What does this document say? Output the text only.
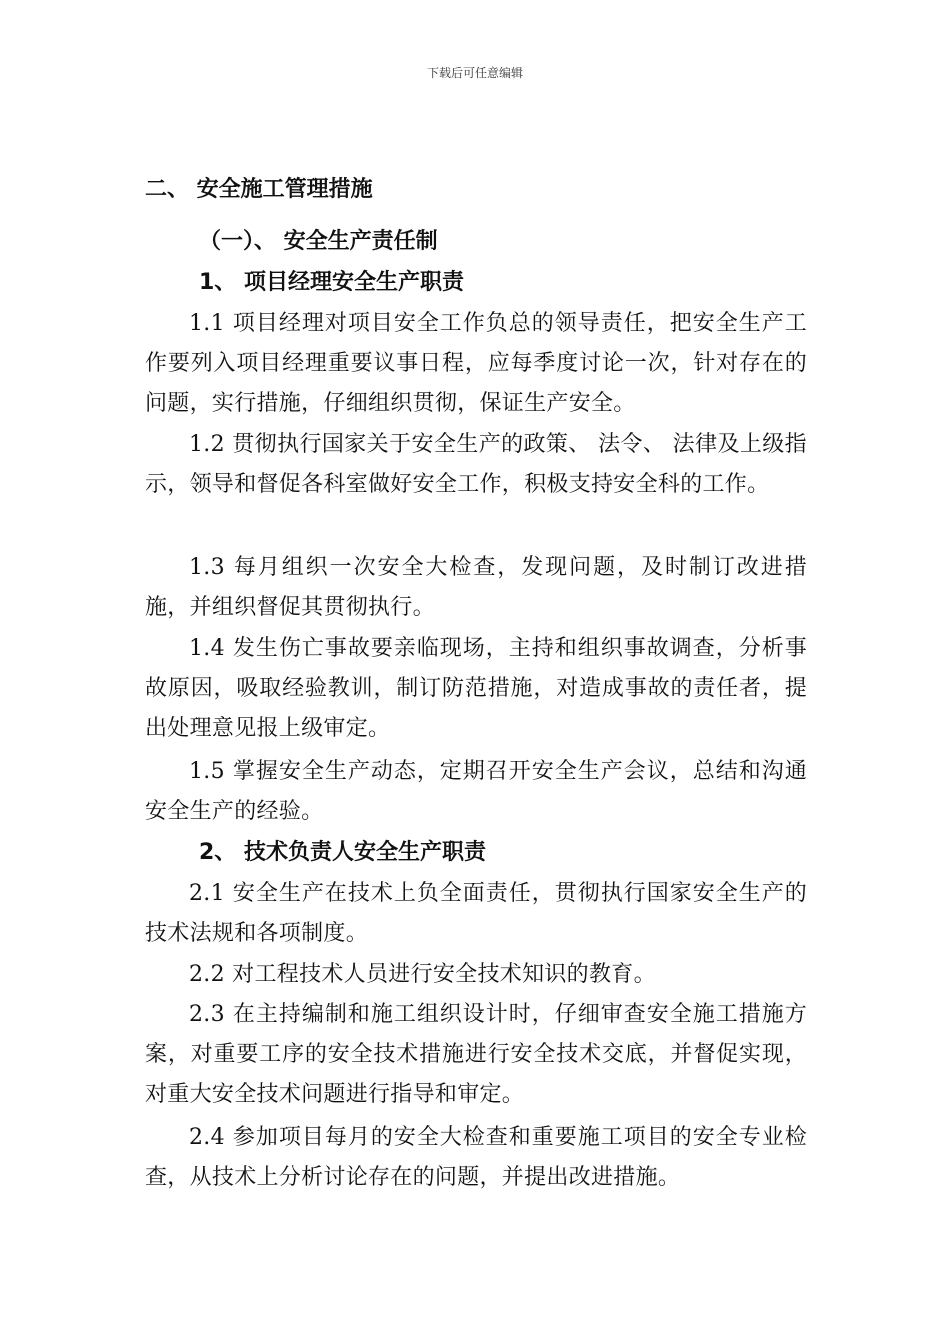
下载后可任意编辑
二、 安全施工管理措施
（一）、 安全生产责任制
1、 项目经理安全生产职责
1.1 项目经理对项目安全工作负总的领导责任，把安全生产工作要列入项目经理重要议事日程，应每季度讨论一次，针对存在的问题，实行措施，仔细组织贯彻，保证生产安全。
1.2 贯彻执行国家关于安全生产的政策、 法令、 法律及上级指示，领导和督促各科室做好安全工作，积极支持安全科的工作。
1.3 每月组织一次安全大检查，发现问题，及时制订改进措施，并组织督促其贯彻执行。
1.4 发生伤亡事故要亲临现场，主持和组织事故调查，分析事故原因，吸取经验教训，制订防范措施，对造成事故的责任者，提出处理意见报上级审定。
1.5 掌握安全生产动态，定期召开安全生产会议，总结和沟通安全生产的经验。
2、 技术负责人安全生产职责
2.1 安全生产在技术上负全面责任，贯彻执行国家安全生产的技术法规和各项制度。
2.2 对工程技术人员进行安全技术知识的教育。
2.3 在主持编制和施工组织设计时，仔细审查安全施工措施方案，对重要工序的安全技术措施进行安全技术交底，并督促实现，对重大安全技术问题进行指导和审定。
2.4 参加项目每月的安全大检查和重要施工项目的安全专业检查，从技术上分析讨论存在的问题，并提出改进措施。
